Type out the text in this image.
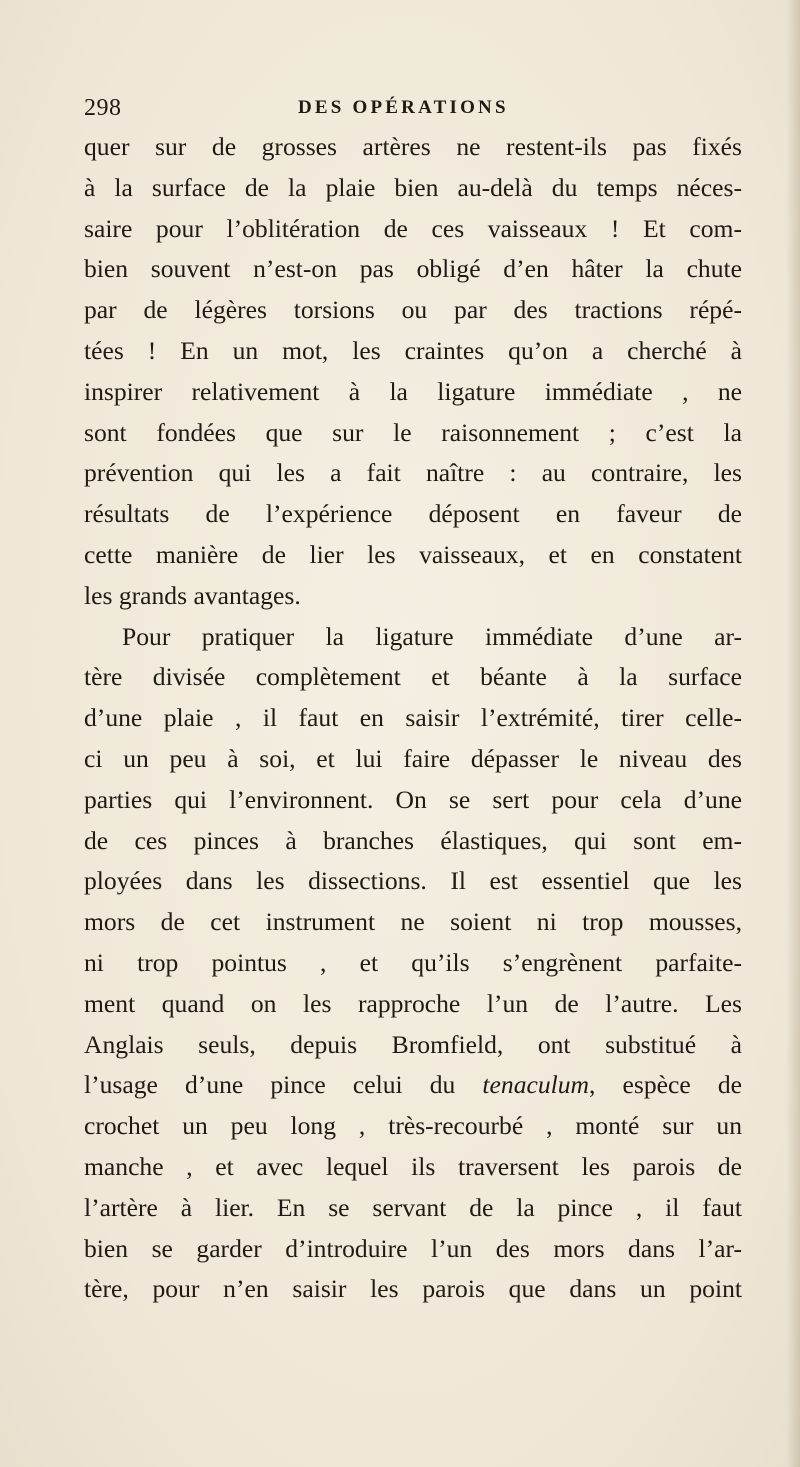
298	DES OPÉRATIONS
quer sur de grosses artères ne restent-ils pas fixés
à la surface de la plaie bien au-delà du temps néces-
saire pour l’oblitération de ces vaisseaux ! Et com-
bien souvent n’est-on pas obligé d’en hâter la chute
par de légères torsions ou par des tractions répé-
tées ! En un mot, les craintes qu’on a cherché à
inspirer relativement à la ligature immédiate , ne
sont fondées que sur le raisonnement ; c’est la
prévention qui les a fait naître : au contraire, les
résultats de l’expérience déposent en faveur de
cette manière de lier les vaisseaux, et en constatent
les grands avantages.
Pour pratiquer la ligature immédiate d’une ar-
tère divisée complètement et béante à la surface
d’une plaie , il faut en saisir l’extrémité, tirer celle-
ci un peu à soi, et lui faire dépasser le niveau des
parties qui l’environnent. On se sert pour cela d’une
de ces pinces à branches élastiques, qui sont em-
ployées dans les dissections. Il est essentiel que les
mors de cet instrument ne soient ni trop mousses,
ni trop pointus , et qu’ils s’engrènent parfaite-
ment quand on les rapproche l’un de l’autre. Les
Anglais seuls, depuis Bromfield, ont substitué à
l’usage d’une pince celui du tenaculum, espèce de
crochet un peu long , très-recourbé , monté sur un
manche , et avec lequel ils traversent les parois de
l’artère à lier. En se servant de la pince , il faut
bien se garder d’introduire l’un des mors dans l’ar-
tère, pour n’en saisir les parois que dans un point
